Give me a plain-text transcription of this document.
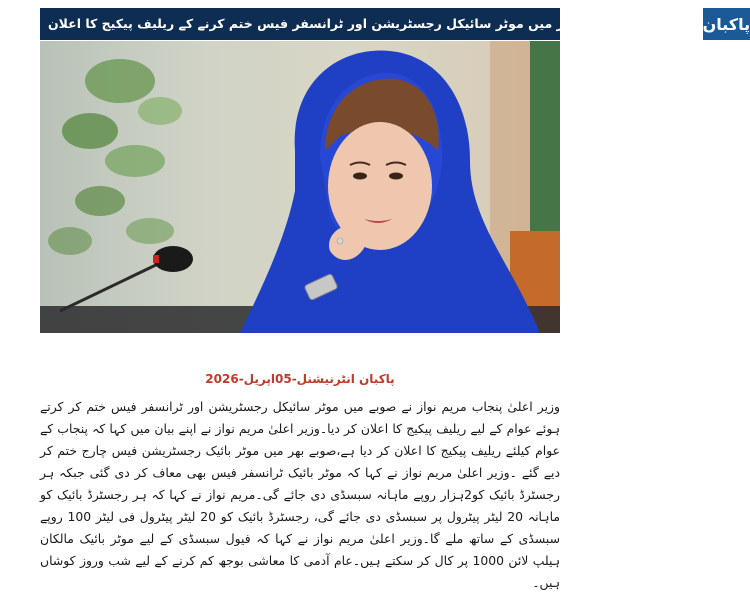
مریم نواز کا صوبے بھر میں موٹر سائیکل رجسٹریشن اور ٹرانسفر فیس ختم کرنے کے ریلیف پیکیج کا اعلان پاکبان
پاکبان انٹرنیشنل-05اپریل-2026
وزیر اعلیٰ پنجاب مریم نواز نے صوبے میں موٹر سائیکل رجسٹریشن اور ٹرانسفر فیس ختم کر کرتے ہوئے عوام کے لیے ریلیف پیکیج کا اعلان کر دیا۔وزیر اعلیٰ مریم نواز نے اپنے بیان میں کہا کہ پنجاب کے عوام کیلئے ریلیف پیکیج کا اعلان کر دیا ہے،صوبے بھر میں موٹر بائیک رجسٹریشن فیس چارج ختم کر دیے گئے ۔وزیر اعلیٰ مریم نواز نے کہا کہ موٹر بائیک ٹرانسفر فیس بھی معاف کر دی گئی جبکہ ہر رجسٹرڈ بائیک کو2ہزار روپے ماہانہ سبسڈی دی جائے گی۔مریم نواز نے کہا کہ ہر رجسٹرڈ بائیک کو ماہانہ 20 لیٹر پیٹرول پر سبسڈی دی جائے گی، رجسٹرڈ بائیک کو 20 لیٹر پیٹرول فی لیٹر 100 روپے سبسڈی کے ساتھ ملے گا۔وزیر اعلیٰ مریم نواز نے کہا کہ فیول سبسڈی کے لیے موٹر بائیک مالکان ہیلپ لائن 1000 پر کال کر سکتے ہیں۔عام آدمی کا معاشی بوجھ کم کرنے کے لیے شب وروز کوشاں ہیں۔
